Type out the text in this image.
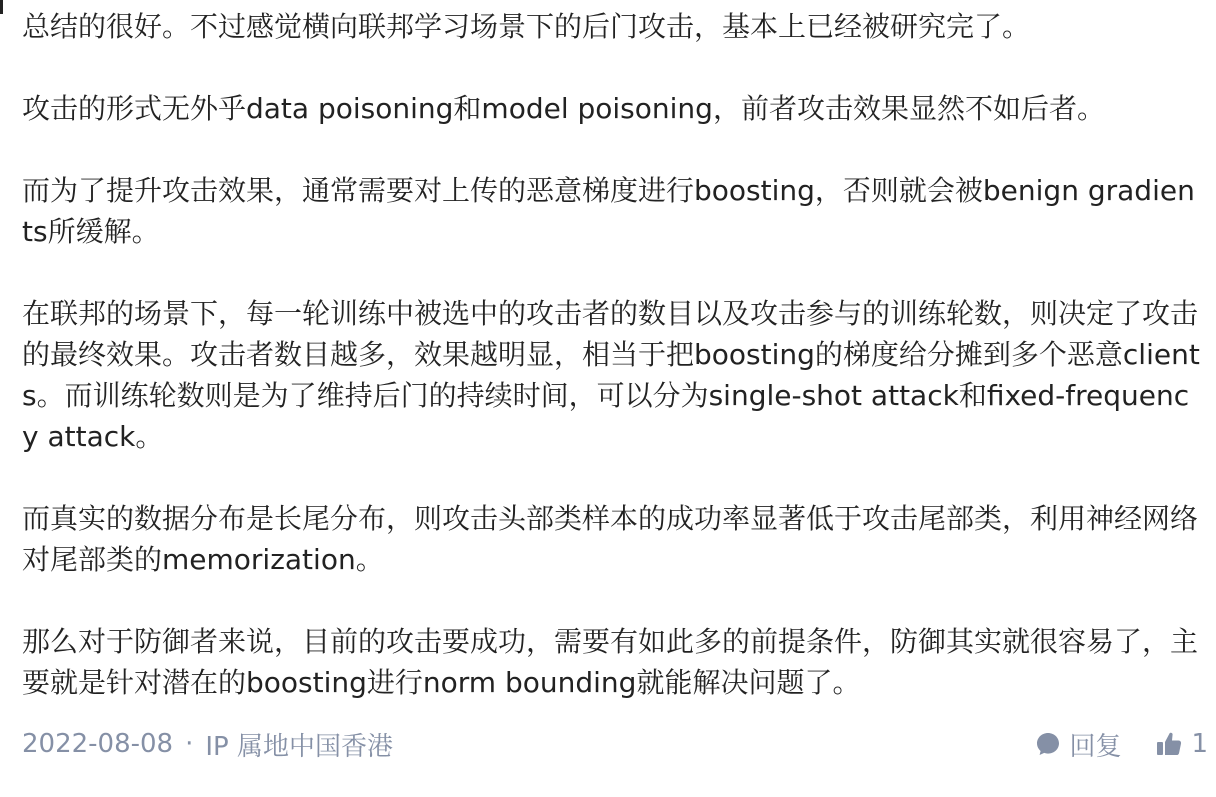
总结的很好。不过感觉横向联邦学习场景下的后门攻击，基本上已经被研究完了。

攻击的形式无外乎data poisoning和model poisoning，前者攻击效果显然不如后者。

而为了提升攻击效果，通常需要对上传的恶意梯度进行boosting，否则就会被benign gradients所缓解。

在联邦的场景下，每一轮训练中被选中的攻击者的数目以及攻击参与的训练轮数，则决定了攻击的最终效果。攻击者数目越多，效果越明显，相当于把boosting的梯度给分摊到多个恶意clients。而训练轮数则是为了维持后门的持续时间，可以分为single-shot attack和fixed-frequency attack。

而真实的数据分布是长尾分布，则攻击头部类样本的成功率显著低于攻击尾部类，利用神经网络对尾部类的memorization。

那么对于防御者来说，目前的攻击要成功，需要有如此多的前提条件，防御其实就很容易了，主要就是针对潜在的boosting进行norm bounding就能解决问题了。

2022-08-08 · IP 属地中国香港	回复	1
